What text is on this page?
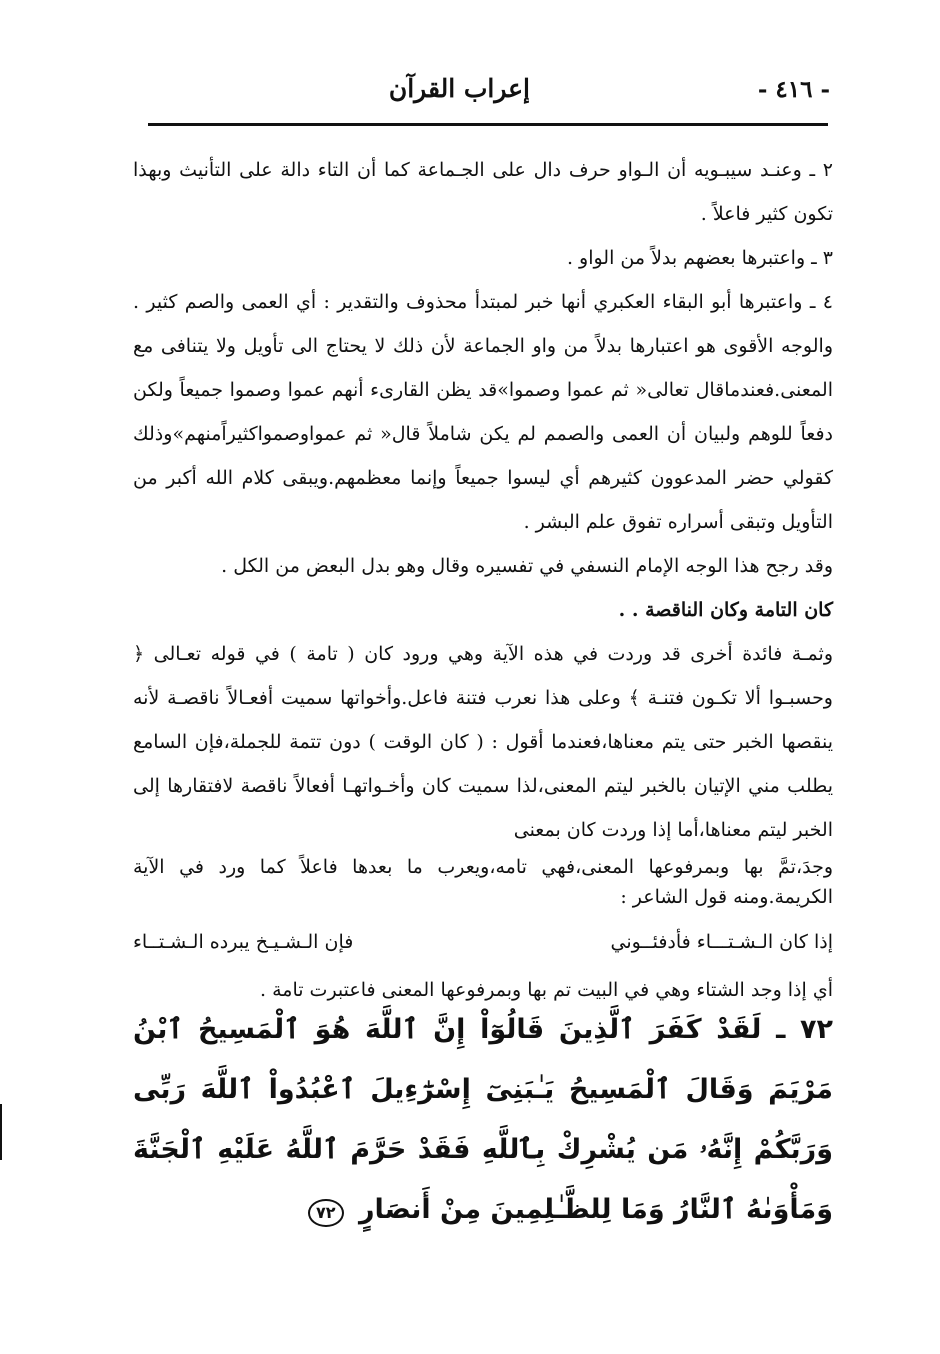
- ٤١٦ -
إعراب القرآن

٢ ـ وعنـد سيبـويه أن الـواو حرف دال على الجـماعة كما أن التاء دالة على التأنيث وبهذا تكون كثير فاعلاً .

٣ ـ واعتبرها بعضهم بدلاً من الواو .

٤ ـ واعتبرها أبو البقاء العكبري أنها خبر لمبتدأ محذوف والتقدير : أي العمى والصم كثير . والوجه الأقوى هو اعتبارها بدلاً من واو الجماعة لأن ذلك لا يحتاج الى تأويل ولا يتنافى مع المعنى.فعندماقال تعالى« ثم عموا وصموا»قد يظن القارىء أنهم عموا وصموا جميعاً ولكن دفعاً للوهم ولبيان أن العمى والصمم لم يكن شاملاً قال« ثم عمواوصمواكثيراًمنهم»وذلك كقولي حضر المدعوون كثيرهم أي ليسوا جميعاً وإنما معظمهم.ويبقى كلام الله أكبر من التأويل وتبقى أسراره تفوق علم البشر .

وقد رجح هذا الوجه الإمام النسفي في تفسيره وقال وهو بدل البعض من الكل .

كان التامة وكان الناقصة . .

وثمـة فائدة أخرى قد وردت في هذه الآية وهي ورود كان ( تامة ) في قوله تعـالى ﴿ وحسبـوا ألا تكـون فتنـة ﴾ وعلى هذا نعرب فتنة فاعل.وأخواتها سميت أفعـالاً ناقصـة لأنه ينقصها الخبر حتى يتم معناها،فعندما أقول : ( كان الوقت ) دون تتمة للجملة،فإن السامع يطلب مني الإتيان بالخبر ليتم المعنى،لذا سميت كان وأخـواتهـا أفعالاً ناقصة لافتقارها إلى الخبر ليتم معناها،أما إذا وردت كان بمعنى

وجدَ،تمَّ بها وبمرفوعها المعنى،فهي تامه،ويعرب ما بعدها فاعلاً كما ورد في الآية الكريمة.ومنه قول الشاعر :

إذا كان الـشـتـــاء فأدفئــوني
فإن الـشـيـخ يبرده الـشـتــاء

أي إذا وجد الشتاء وهي في البيت تم بها وبمرفوعها المعنى فاعتبرت تامة .

٧٢ ـ لَقَدْ كَفَرَ ٱلَّذِينَ قَالُوٓاْ إِنَّ ٱللَّهَ هُوَ ٱلْمَسِيحُ ٱبْنُ مَرْيَمَ وَقَالَ ٱلْمَسِيحُ يَـٰبَنِىٓ إِسْرَٰٓءِيلَ ٱعْبُدُواْ ٱللَّهَ رَبِّى وَرَبَّكُمْ إِنَّهُۥ مَن يُشْرِكْ بِٱللَّهِ فَقَدْ حَرَّمَ ٱللَّهُ عَلَيْهِ ٱلْجَنَّةَ وَمَأْوَىٰهُ ٱلنَّارُ وَمَا لِلظَّـٰلِمِينَ مِنْ أَنصَارٍ ٧٢
